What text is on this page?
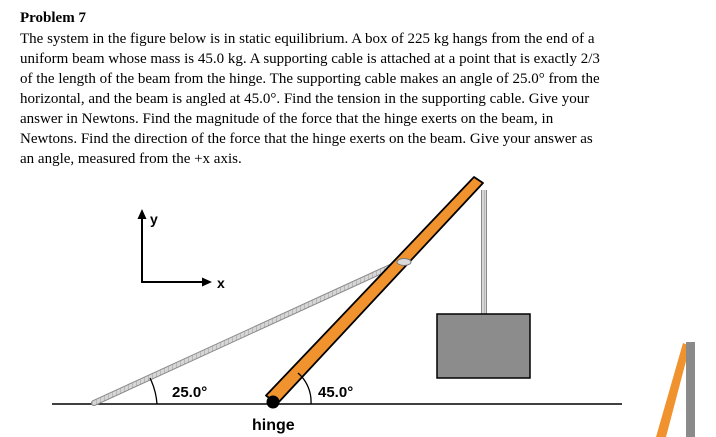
Problem 7
The system in the figure below is in static equilibrium. A box of 225 kg hangs from the end of a
uniform beam whose mass is 45.0 kg. A supporting cable is attached at a point that is exactly 2/3
of the length of the beam from the hinge. The supporting cable makes an angle of 25.0° from the
horizontal, and the beam is angled at 45.0°. Find the tension in the supporting cable. Give your
answer in Newtons. Find the magnitude of the force that the hinge exerts on the beam, in
Newtons. Find the direction of the force that the hinge exerts on the beam. Give your answer as
an angle, measured from the +x axis.
y
x
hinge
25.0°	45.0°
